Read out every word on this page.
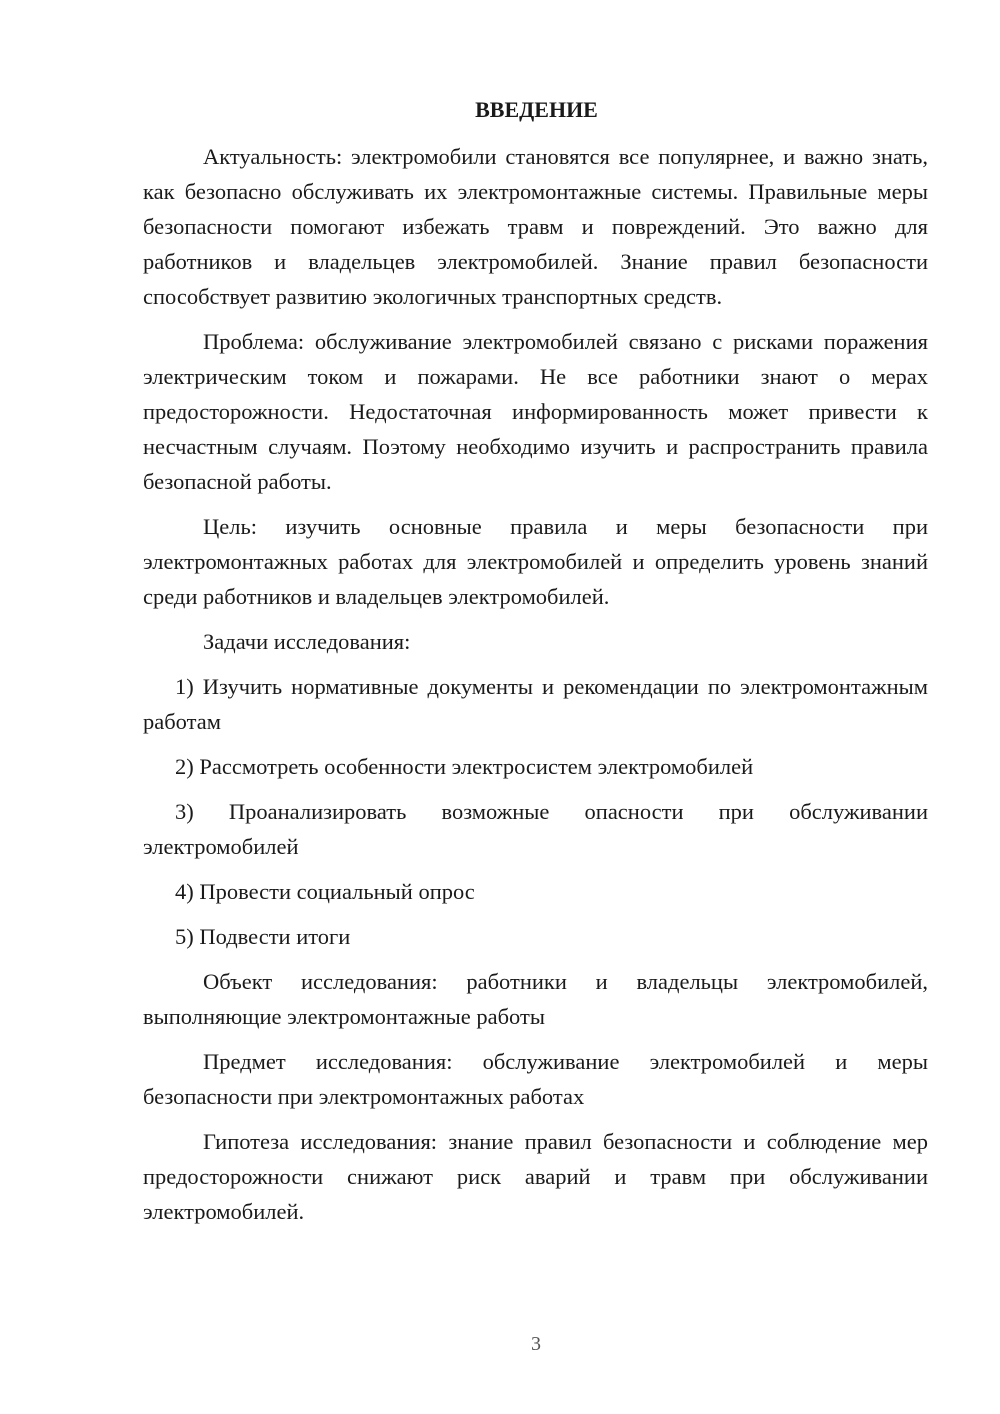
ВВЕДЕНИЕ

Актуальность: электромобили становятся все популярнее, и важно знать, как безопасно обслуживать их электромонтажные системы. Правильные меры безопасности помогают избежать травм и повреждений. Это важно для работников и владельцев электромобилей. Знание правил безопасности способствует развитию экологичных транспортных средств.

Проблема: обслуживание электромобилей связано с рисками поражения электрическим током и пожарами. Не все работники знают о мерах предосторожности. Недостаточная информированность может привести к несчастным случаям. Поэтому необходимо изучить и распространить правила безопасной работы.

Цель: изучить основные правила и меры безопасности при электромонтажных работах для электромобилей и определить уровень знаний среди работников и владельцев электромобилей.

Задачи исследования:

1) Изучить нормативные документы и рекомендации по электромонтажным работам

2) Рассмотреть особенности электросистем электромобилей

3) Проанализировать возможные опасности при обслуживании электромобилей

4) Провести социальный опрос

5) Подвести итоги

Объект исследования: работники и владельцы электромобилей, выполняющие электромонтажные работы

Предмет исследования: обслуживание электромобилей и меры безопасности при электромонтажных работах

Гипотеза исследования: знание правил безопасности и соблюдение мер предосторожности снижают риск аварий и травм при обслуживании электромобилей.

3
